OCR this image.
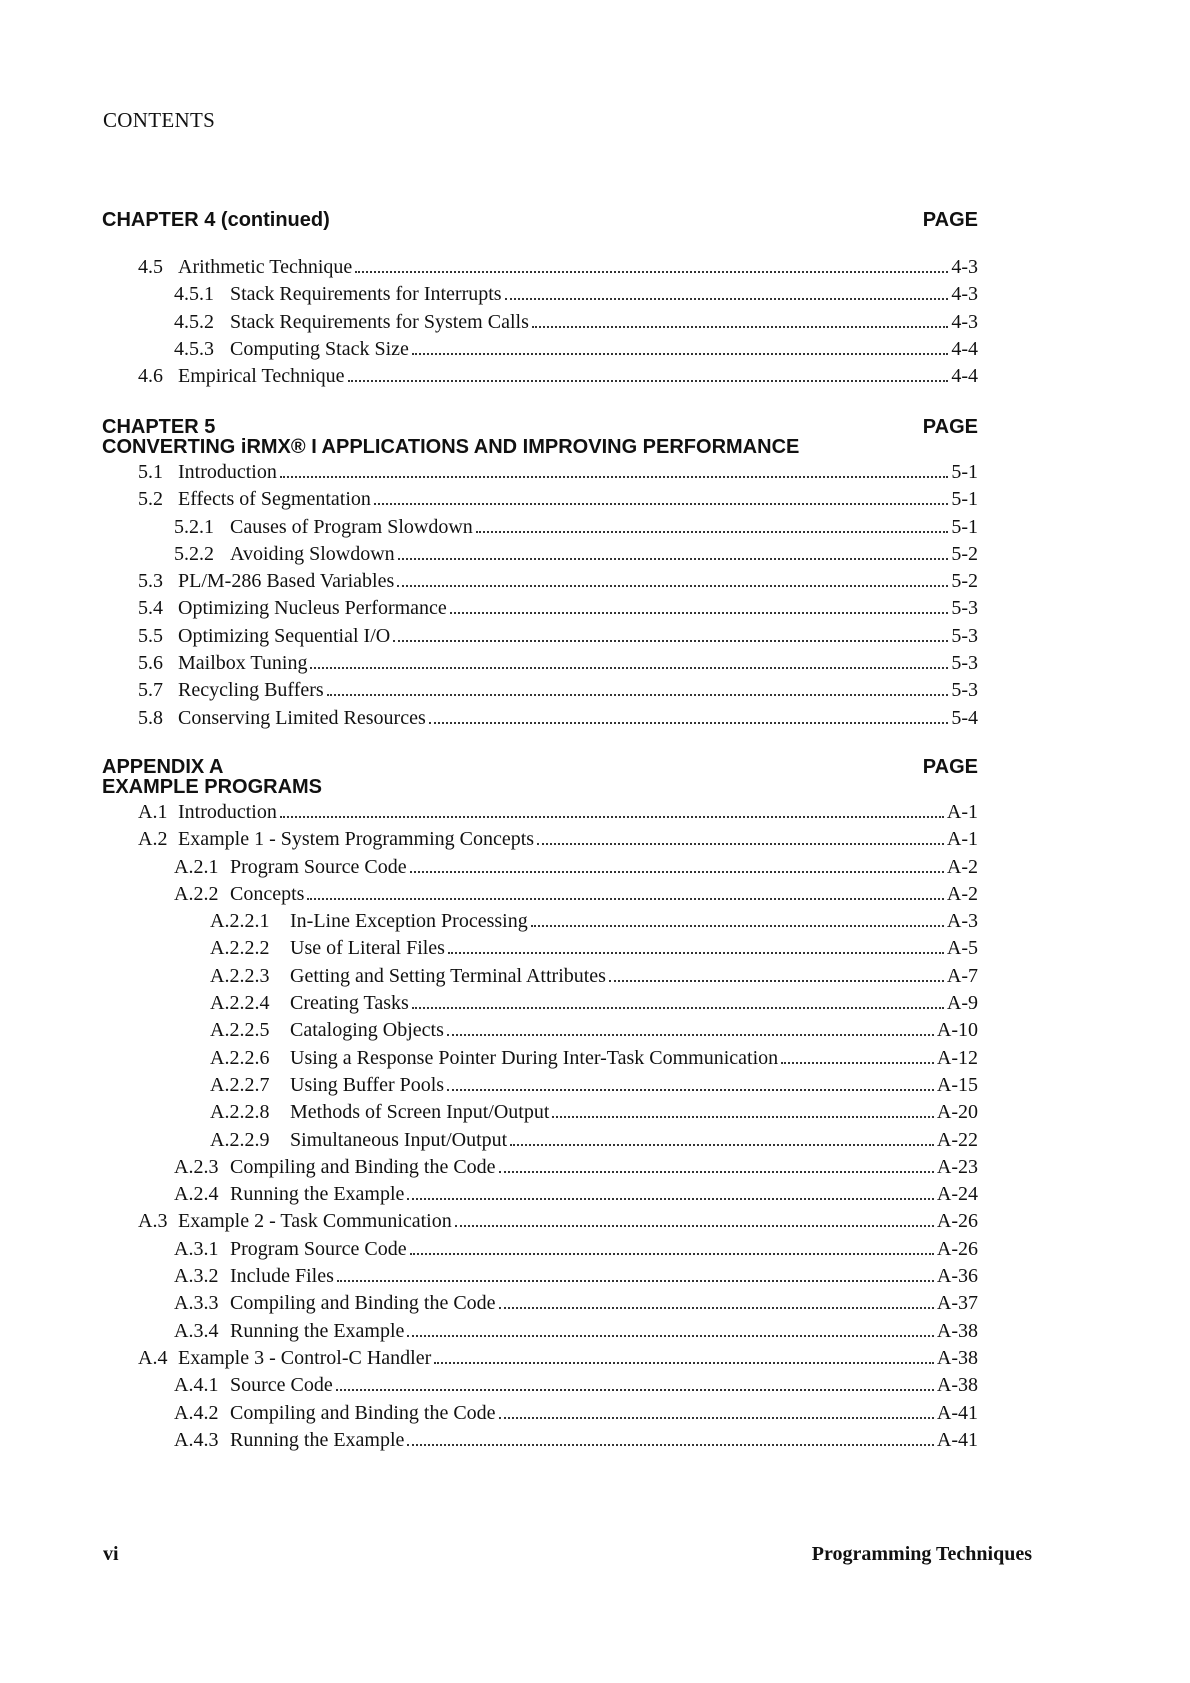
CONTENTS
CHAPTER 4 (continued)	PAGE
4.5 Arithmetic Technique	4-3
4.5.1 Stack Requirements for Interrupts	4-3
4.5.2 Stack Requirements for System Calls	4-3
4.5.3 Computing Stack Size	4-4
4.6 Empirical Technique	4-4
CHAPTER 5	PAGE
CONVERTING iRMX® I APPLICATIONS AND IMPROVING PERFORMANCE
5.1 Introduction	5-1
5.2 Effects of Segmentation	5-1
5.2.1 Causes of Program Slowdown	5-1
5.2.2 Avoiding Slowdown	5-2
5.3 PL/M-286 Based Variables	5-2
5.4 Optimizing Nucleus Performance	5-3
5.5 Optimizing Sequential I/O	5-3
5.6 Mailbox Tuning	5-3
5.7 Recycling Buffers	5-3
5.8 Conserving Limited Resources	5-4
APPENDIX A	PAGE
EXAMPLE PROGRAMS
A.1 Introduction	A-1
A.2 Example 1 - System Programming Concepts	A-1
A.2.1 Program Source Code	A-2
A.2.2 Concepts	A-2
A.2.2.1	In-Line Exception Processing	A-3
A.2.2.2	Use of Literal Files	A-5
A.2.2.3	Getting and Setting Terminal Attributes	A-7
A.2.2.4	Creating Tasks	A-9
A.2.2.5	Cataloging Objects	A-10
A.2.2.6	Using a Response Pointer During Inter-Task Communication	A-12
A.2.2.7	Using Buffer Pools	A-15
A.2.2.8	Methods of Screen Input/Output	A-20
A.2.2.9	Simultaneous Input/Output	A-22
A.2.3 Compiling and Binding the Code	A-23
A.2.4 Running the Example	A-24
A.3 Example 2 - Task Communication	A-26
A.3.1 Program Source Code	A-26
A.3.2 Include Files	A-36
A.3.3 Compiling and Binding the Code	A-37
A.3.4 Running the Example	A-38
A.4 Example 3 - Control-C Handler	A-38
A.4.1 Source Code	A-38
A.4.2 Compiling and Binding the Code	A-41
A.4.3 Running the Example	A-41
vi	Programming Techniques
